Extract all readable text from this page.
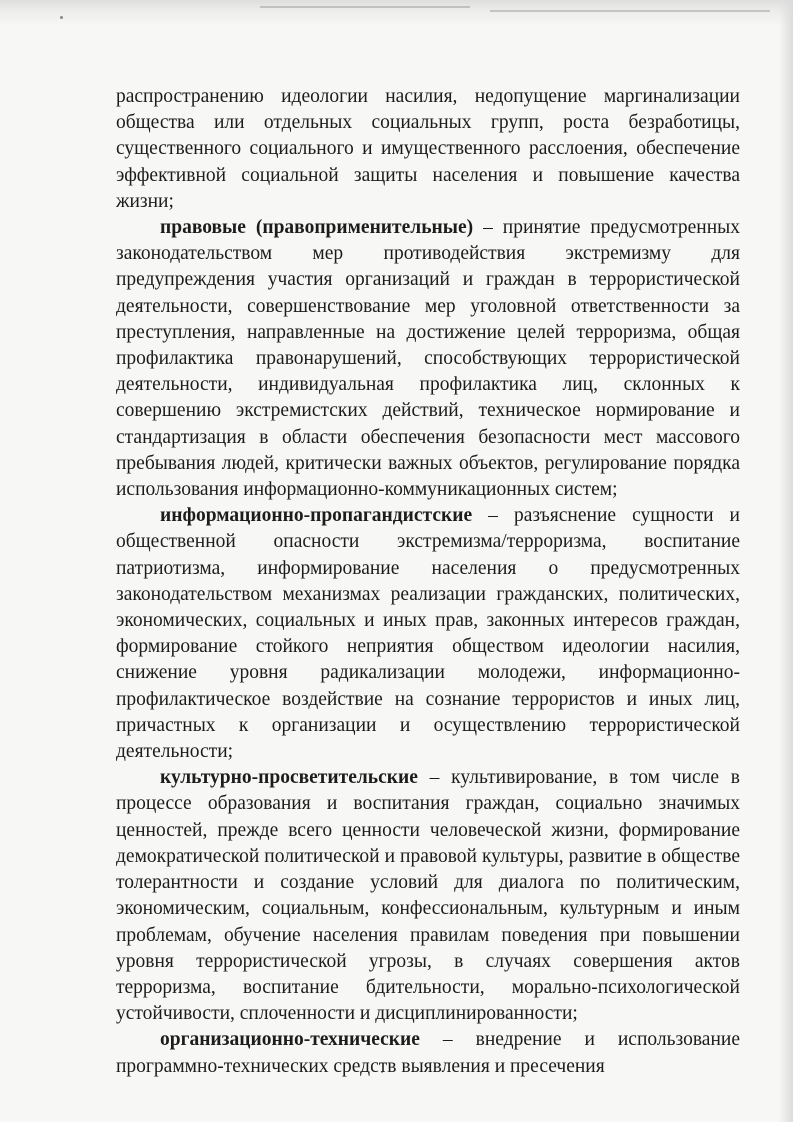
распространению идеологии насилия, недопущение маргинализации общества или отдельных социальных групп, роста безработицы, существенного социального и имущественного расслоения, обеспечение эффективной социальной защиты населения и повышение качества жизни;

правовые (правоприменительные) – принятие предусмотренных законодательством мер противодействия экстремизму для предупреждения участия организаций и граждан в террористической деятельности, совершенствование мер уголовной ответственности за преступления, направленные на достижение целей терроризма, общая профилактика правонарушений, способствующих террористической деятельности, индивидуальная профилактика лиц, склонных к совершению экстремистских действий, техническое нормирование и стандартизация в области обеспечения безопасности мест массового пребывания людей, критически важных объектов, регулирование порядка использования информационно-коммуникационных систем;

информационно-пропагандистские – разъяснение сущности и общественной опасности экстремизма/терроризма, воспитание патриотизма, информирование населения о предусмотренных законодательством механизмах реализации гражданских, политических, экономических, социальных и иных прав, законных интересов граждан, формирование стойкого неприятия обществом идеологии насилия, снижение уровня радикализации молодежи, информационно-профилактическое воздействие на сознание террористов и иных лиц, причастных к организации и осуществлению террористической деятельности;

культурно-просветительские – культивирование, в том числе в процессе образования и воспитания граждан, социально значимых ценностей, прежде всего ценности человеческой жизни, формирование демократической политической и правовой культуры, развитие в обществе толерантности и создание условий для диалога по политическим, экономическим, социальным, конфессиональным, культурным и иным проблемам, обучение населения правилам поведения при повышении уровня террористической угрозы, в случаях совершения актов терроризма, воспитание бдительности, морально-психологической устойчивости, сплоченности и дисциплинированности;

организационно-технические – внедрение и использование программно-технических средств выявления и пресечения
